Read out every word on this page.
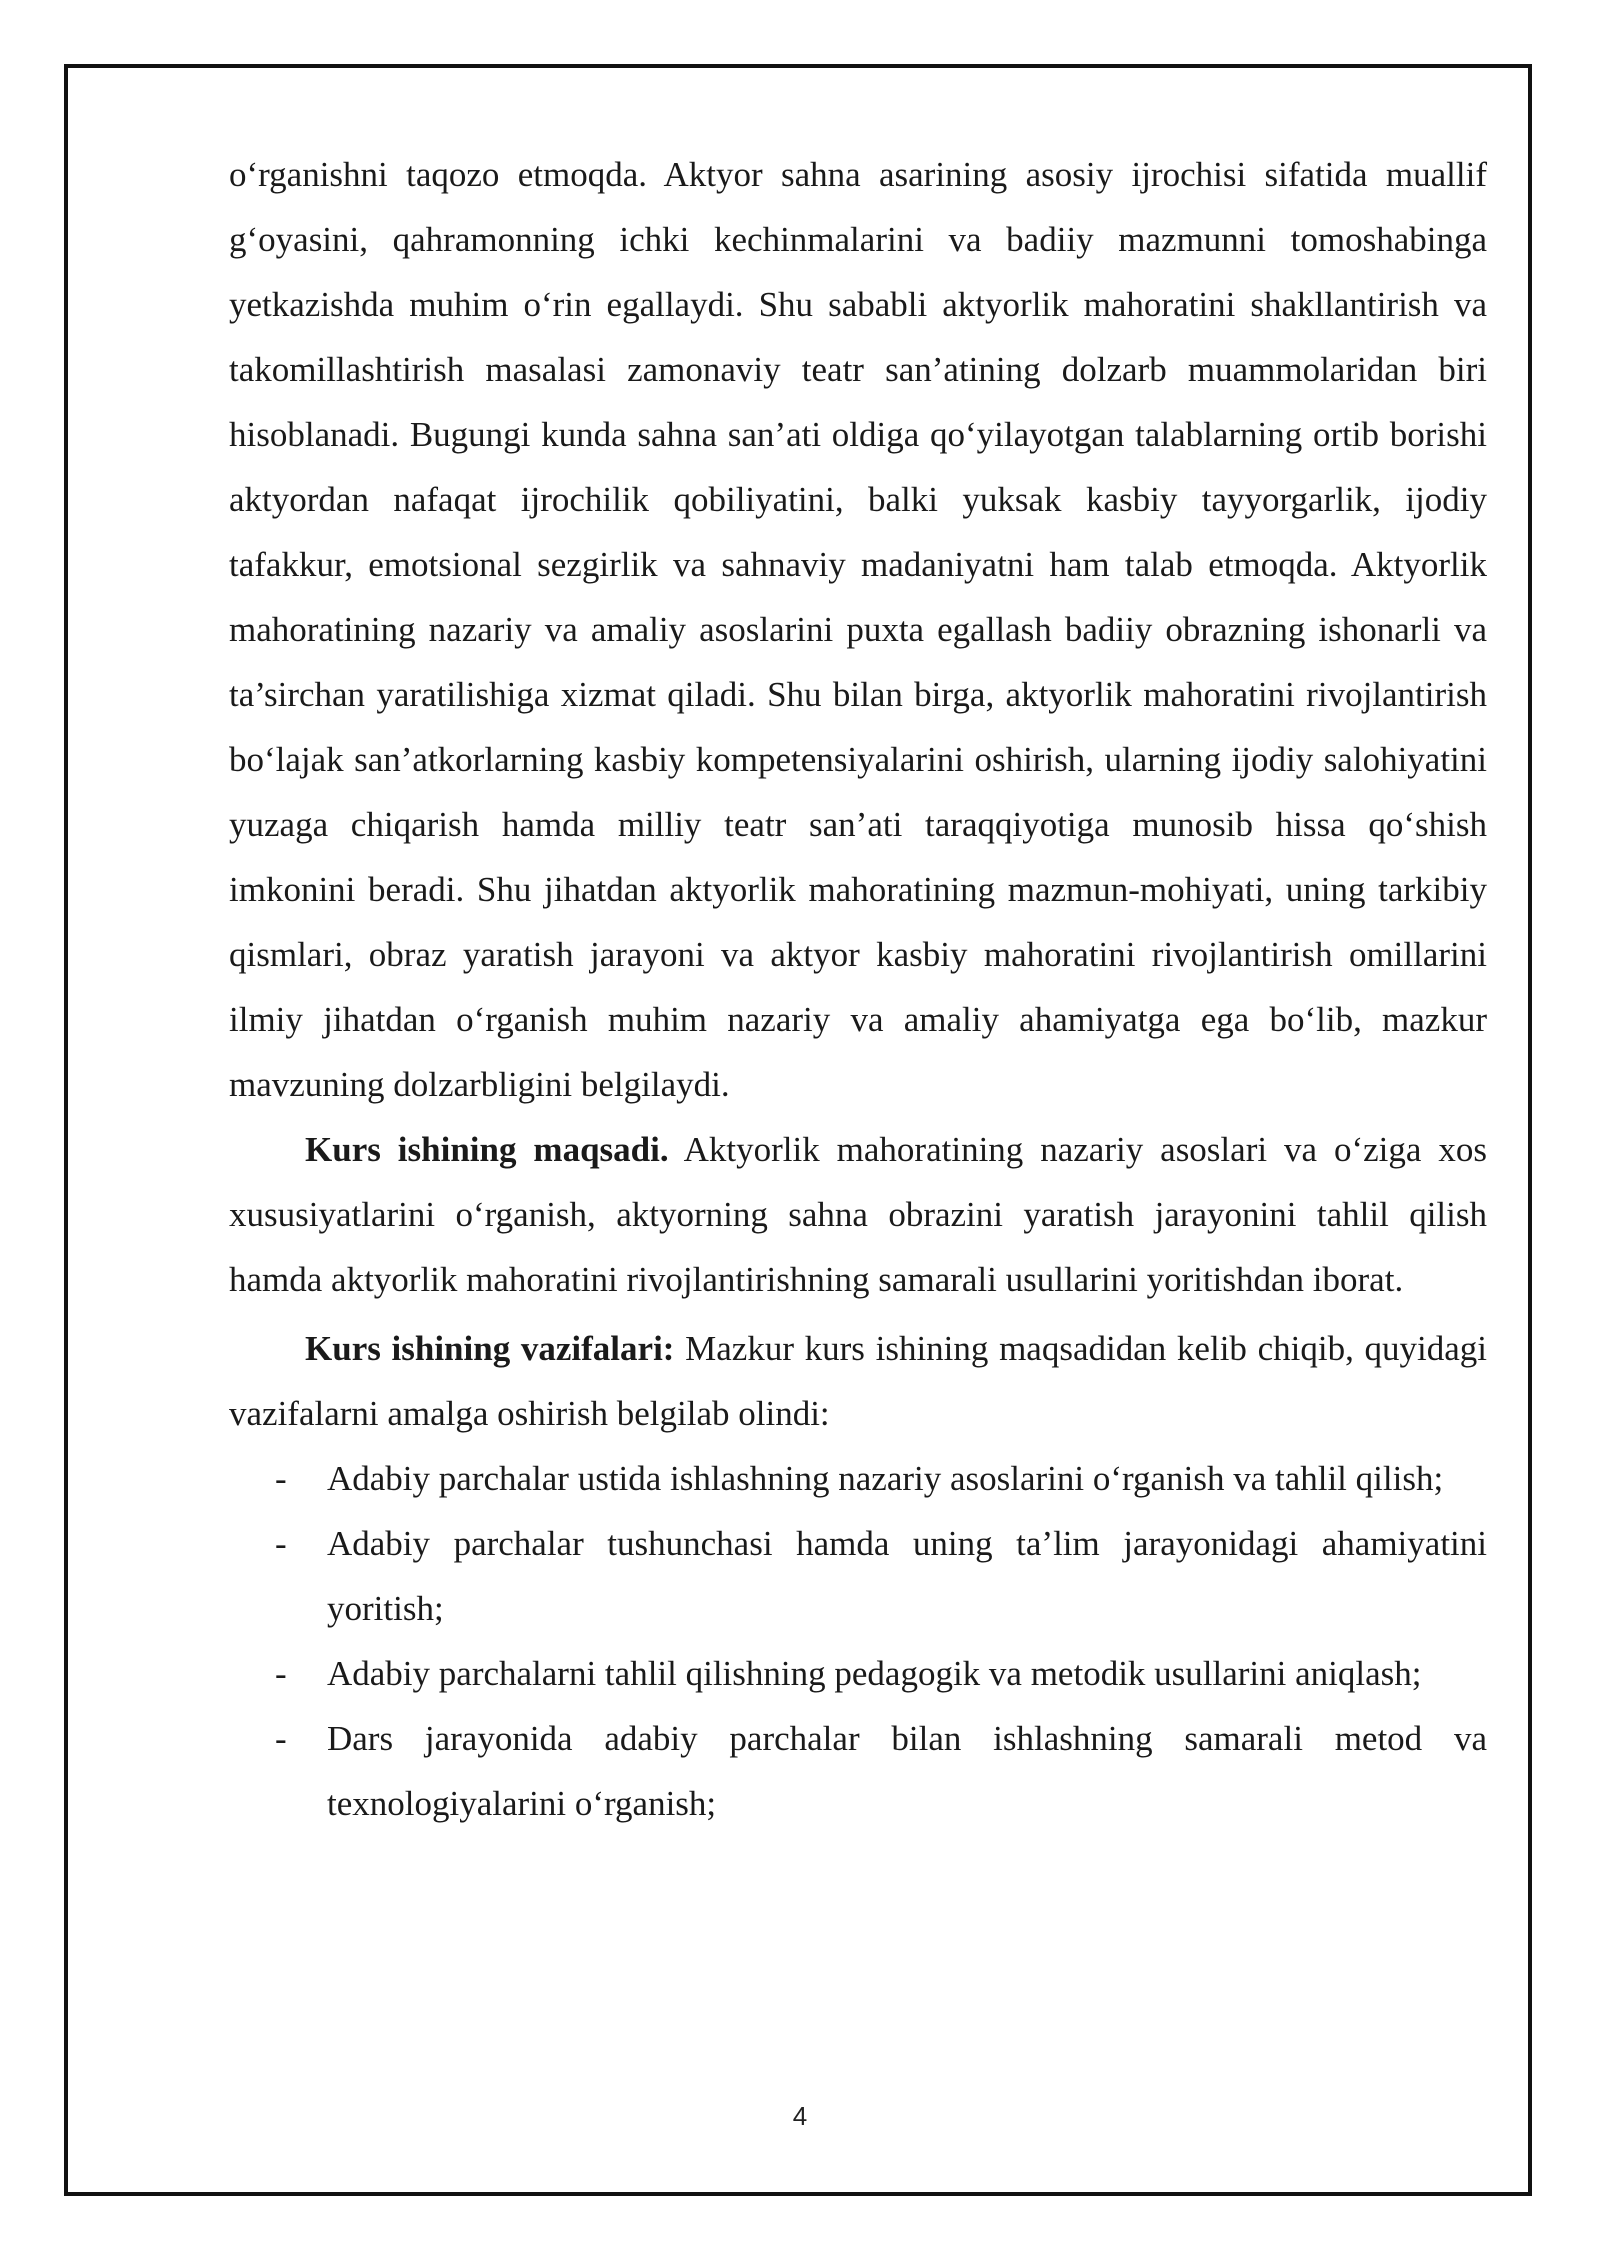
o‘rganishni taqozo etmoqda. Aktyor sahna asarining asosiy ijrochisi sifatida muallif g‘oyasini, qahramonning ichki kechinmalarini va badiiy mazmunni tomoshabinga yetkazishda muhim o‘rin egallaydi. Shu sababli aktyorlik mahoratini shakllantirish va takomillashtirish masalasi zamonaviy teatr san’atining dolzarb muammolaridan biri hisoblanadi. Bugungi kunda sahna san’ati oldiga qo‘yilayotgan talablarning ortib borishi aktyordan nafaqat ijrochilik qobiliyatini, balki yuksak kasbiy tayyorgarlik, ijodiy tafakkur, emotsional sezgirlik va sahnaviy madaniyatni ham talab etmoqda. Aktyorlik mahoratining nazariy va amaliy asoslarini puxta egallash badiiy obrazning ishonarli va ta’sirchan yaratilishiga xizmat qiladi. Shu bilan birga, aktyorlik mahoratini rivojlantirish bo‘lajak san’atkorlarning kasbiy kompetensiyalarini oshirish, ularning ijodiy salohiyatini yuzaga chiqarish hamda milliy teatr san’ati taraqqiyotiga munosib hissa qo‘shish imkonini beradi. Shu jihatdan aktyorlik mahoratining mazmun-mohiyati, uning tarkibiy qismlari, obraz yaratish jarayoni va aktyor kasbiy mahoratini rivojlantirish omillarini ilmiy jihatdan o‘rganish muhim nazariy va amaliy ahamiyatga ega bo‘lib, mazkur mavzuning dolzarbligini belgilaydi.

Kurs ishining maqsadi. Aktyorlik mahoratining nazariy asoslari va o‘ziga xos xususiyatlarini o‘rganish, aktyorning sahna obrazini yaratish jarayonini tahlil qilish hamda aktyorlik mahoratini rivojlantirishning samarali usullarini yoritishdan iborat.

Kurs ishining vazifalari: Mazkur kurs ishining maqsadidan kelib chiqib, quyidagi vazifalarni amalga oshirish belgilab olindi:

- Adabiy parchalar ustida ishlashning nazariy asoslarini o‘rganish va tahlil qilish;
- Adabiy parchalar tushunchasi hamda uning ta’lim jarayonidagi ahamiyatini yoritish;
- Adabiy parchalarni tahlil qilishning pedagogik va metodik usullarini aniqlash;
- Dars jarayonida adabiy parchalar bilan ishlashning samarali metod va texnologiyalarini o‘rganish;
4
